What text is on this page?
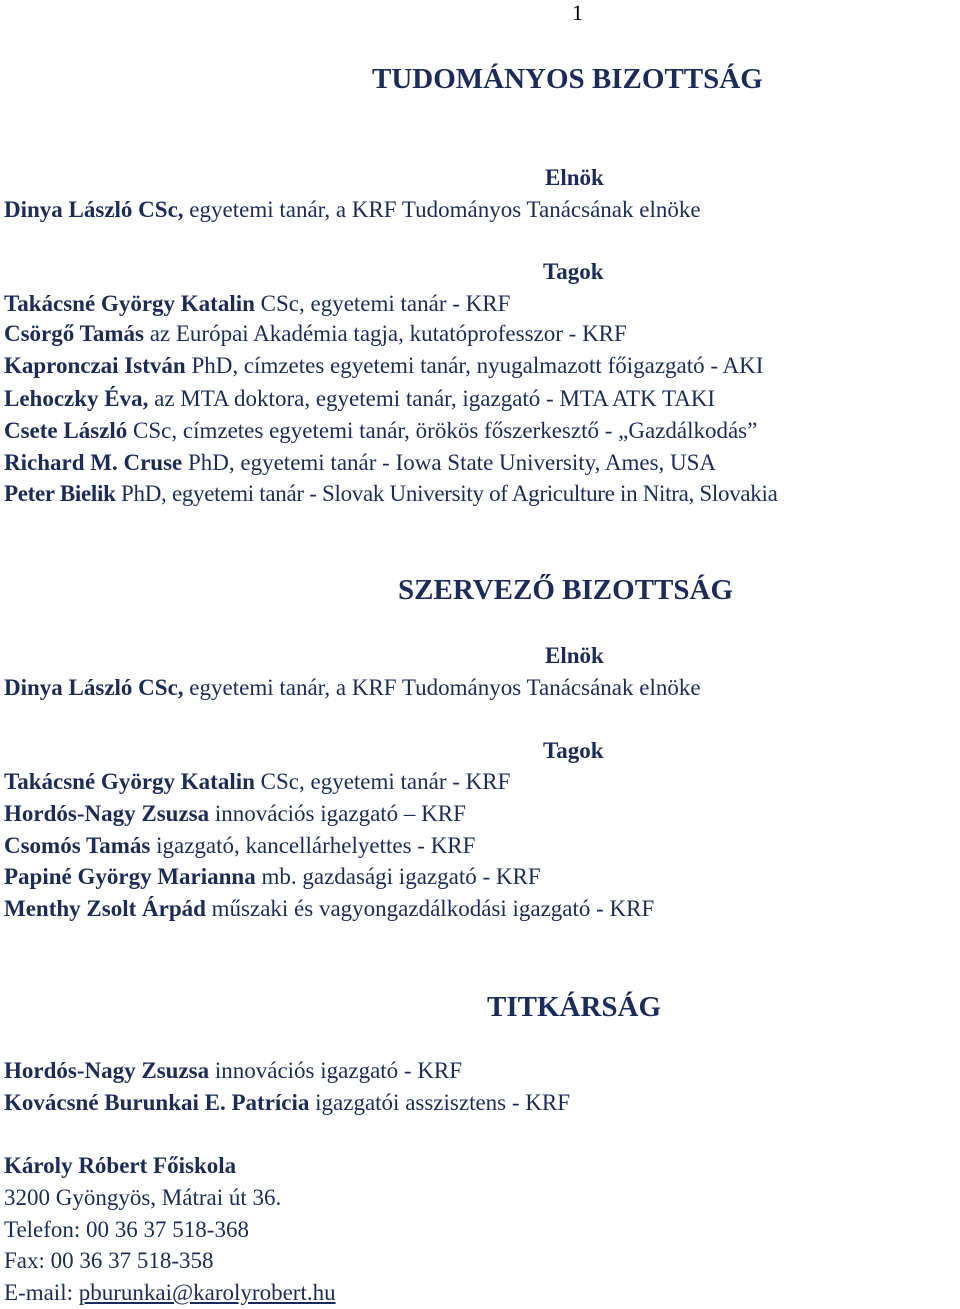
1
TUDOMÁNYOS BIZOTTSÁG
Elnök
Dinya László CSc, egyetemi tanár, a KRF Tudományos Tanácsának elnöke
Tagok
Takácsné György Katalin CSc, egyetemi tanár - KRF
Csörgő Tamás az Európai Akadémia tagja, kutatóprofesszor - KRF
Kapronczai István PhD, címzetes egyetemi tanár, nyugalmazott főigazgató - AKI
Lehoczky Éva, az MTA doktora, egyetemi tanár, igazgató - MTA ATK TAKI
Csete László CSc, címzetes egyetemi tanár, örökös főszerkesztő - „Gazdálkodás”
Richard M. Cruse PhD, egyetemi tanár - Iowa State University, Ames, USA
Peter Bielik PhD, egyetemi tanár - Slovak University of Agriculture in Nitra, Slovakia
SZERVEZŐ BIZOTTSÁG
Elnök
Dinya László CSc, egyetemi tanár, a KRF Tudományos Tanácsának elnöke
Tagok
Takácsné György Katalin CSc, egyetemi tanár - KRF
Hordós-Nagy Zsuzsa innovációs igazgató – KRF
Csomós Tamás igazgató, kancellárhelyettes - KRF
Papiné György Marianna mb. gazdasági igazgató - KRF
Menthy Zsolt Árpád műszaki és vagyongazdálkodási igazgató - KRF
TITKÁRSÁG
Hordós-Nagy Zsuzsa innovációs igazgató - KRF
Kovácsné Burunkai E. Patrícia igazgatói asszisztens - KRF
Károly Róbert Főiskola
3200 Gyöngyös, Mátrai út 36.
Telefon: 00 36 37 518-368
Fax: 00 36 37 518-358
E-mail: pburunkai@karolyrobert.hu
